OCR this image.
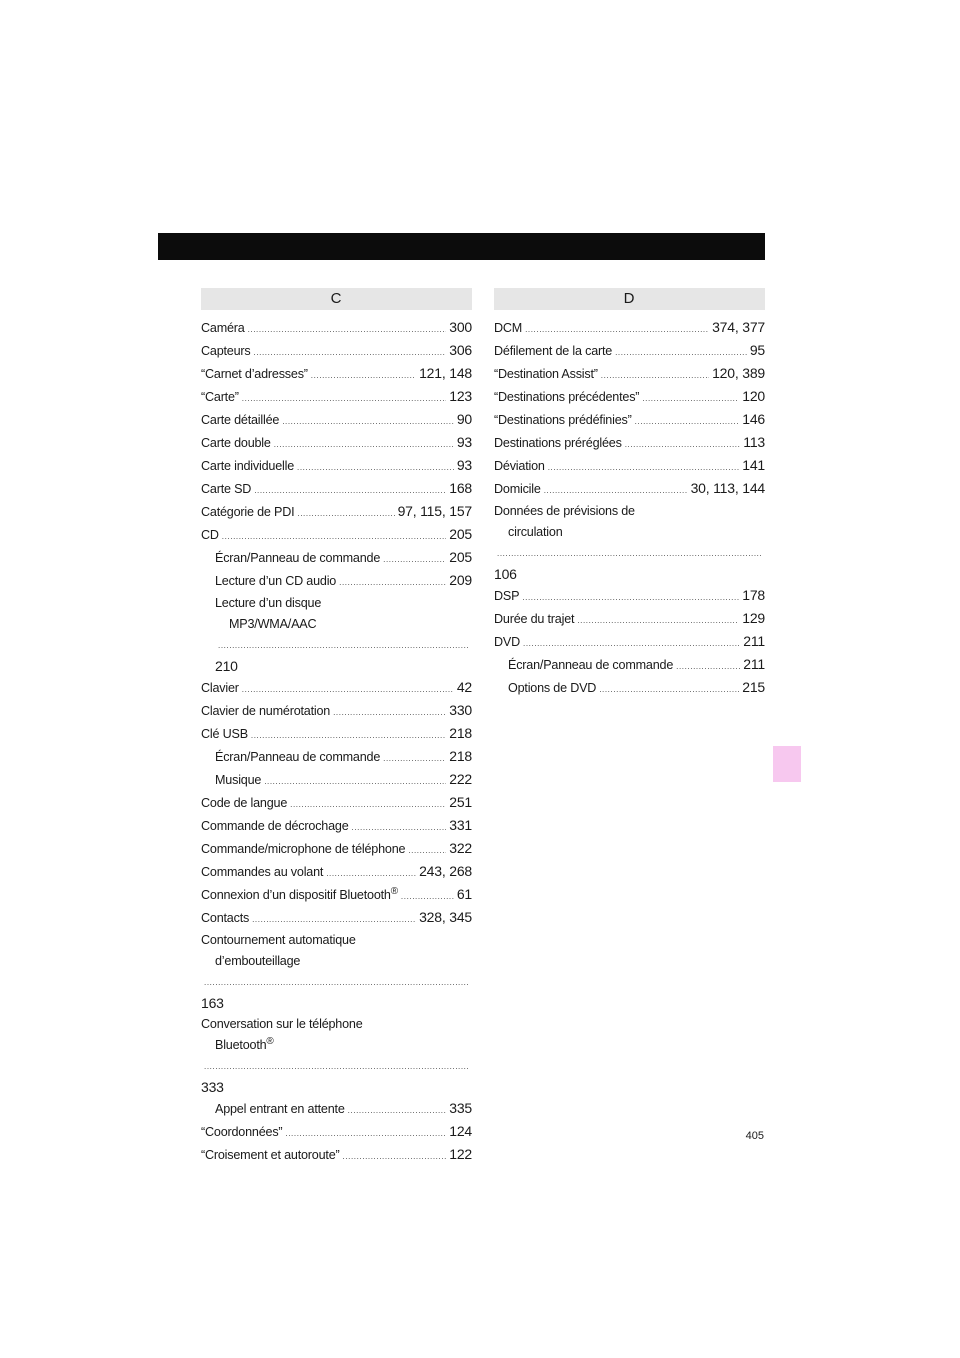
C
Caméra .....	300
Capteurs .....	306
“Carnet d’adresses” .....	121, 148
“Carte” .....	123
Carte détaillée .....	90
Carte double .....	93
Carte individuelle .....	93
Carte SD .....	168
Catégorie de PDI .....	97, 115, 157
CD .....	205
Écran/Panneau de commande .....	205
Lecture d’un CD audio .....	209
Lecture d’un disque
MP3/WMA/AAC
.....
210
Clavier .....	42
Clavier de numérotation .....	330
Clé USB .....	218
Écran/Panneau de commande .....	218
Musique .....	222
Code de langue .....	251
Commande de décrochage .....	331
Commande/microphone de téléphone .....	322
Commandes au volant .....	243, 268
Connexion d’un dispositif Bluetooth® .....	61
Contacts .....	328, 345
Contournement automatique
d’embouteillage
.....
163
Conversation sur le téléphone
Bluetooth®
.....
333
Appel entrant en attente .....	335
“Coordonnées” .....	124
“Croisement et autoroute” .....	122
D
DCM .....	374, 377
Défilement de la carte .....	95
“Destination Assist” .....	120, 389
“Destinations précédentes” .....	120
“Destinations prédéfinies” .....	146
Destinations préréglées .....	113
Déviation .....	141
Domicile .....	30, 113, 144
Données de prévisions de
circulation
.....
106
DSP .....	178
Durée du trajet .....	129
DVD .....	211
Écran/Panneau de commande .....	211
Options de DVD .....	215
405
